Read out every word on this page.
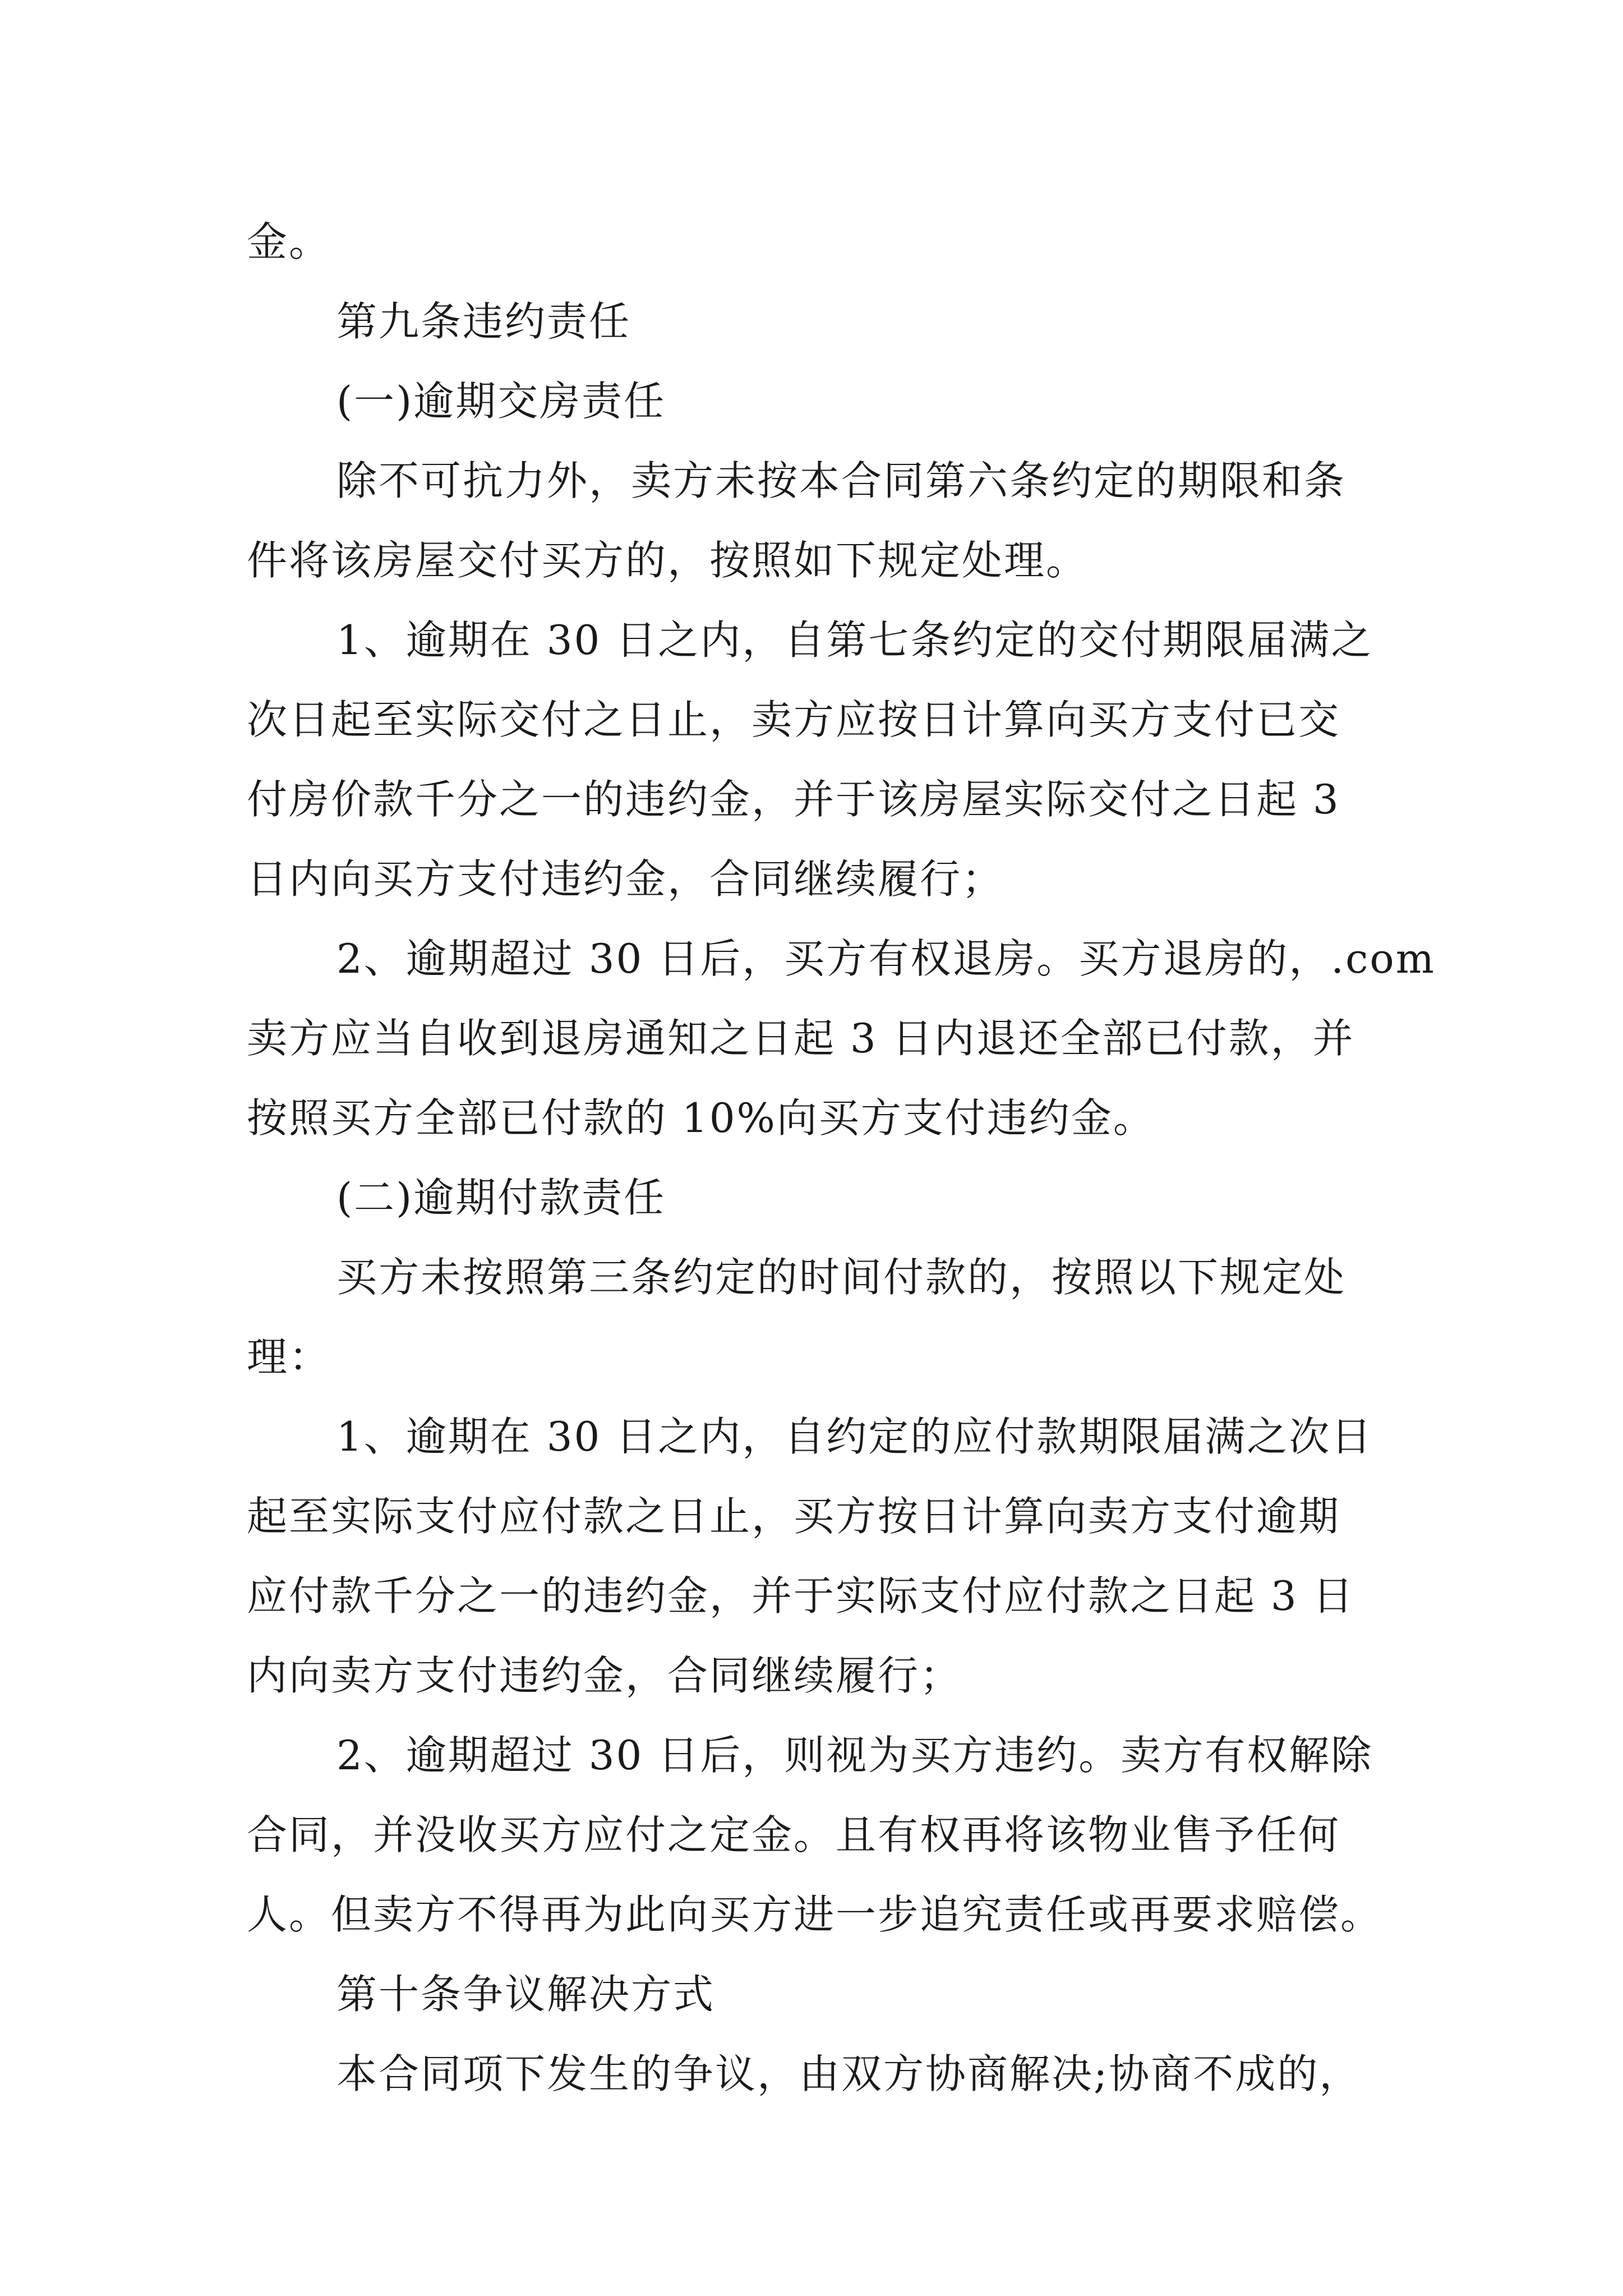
金。
第九条违约责任
(一)逾期交房责任
除不可抗力外，卖方未按本合同第六条约定的期限和条
件将该房屋交付买方的，按照如下规定处理。
1、逾期在 30 日之内，自第七条约定的交付期限届满之
次日起至实际交付之日止，卖方应按日计算向买方支付已交
付房价款千分之一的违约金，并于该房屋实际交付之日起 3
日内向买方支付违约金，合同继续履行；
2、逾期超过 30 日后，买方有权退房。买方退房的，.com
卖方应当自收到退房通知之日起 3 日内退还全部已付款，并
按照买方全部已付款的 10%向买方支付违约金。
(二)逾期付款责任
买方未按照第三条约定的时间付款的，按照以下规定处
理：
1、逾期在 30 日之内，自约定的应付款期限届满之次日
起至实际支付应付款之日止，买方按日计算向卖方支付逾期
应付款千分之一的违约金，并于实际支付应付款之日起 3 日
内向卖方支付违约金，合同继续履行；
2、逾期超过 30 日后，则视为买方违约。卖方有权解除
合同，并没收买方应付之定金。且有权再将该物业售予任何
人。但卖方不得再为此向买方进一步追究责任或再要求赔偿。
第十条争议解决方式
本合同项下发生的争议，由双方协商解决;协商不成的，
